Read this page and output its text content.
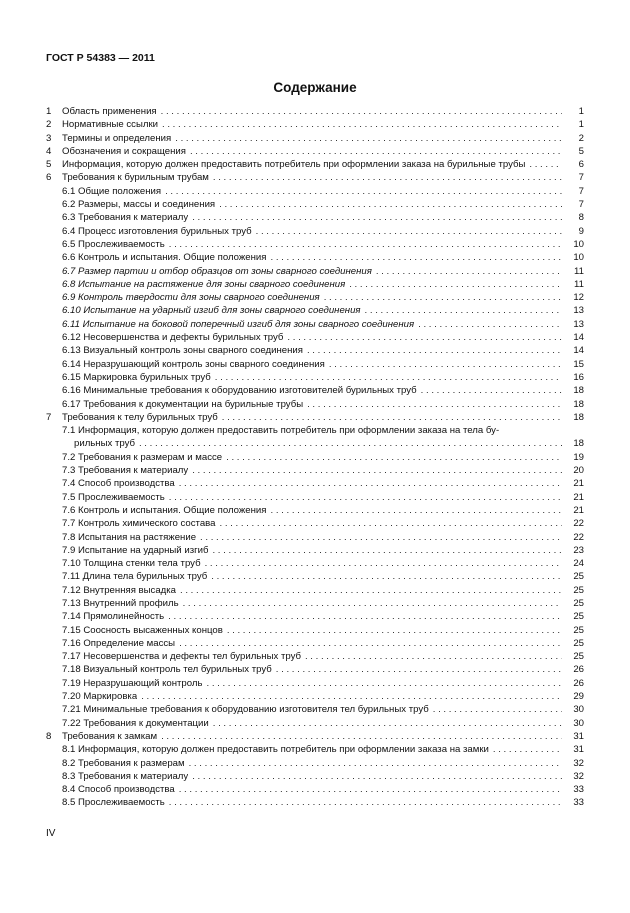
ГОСТ Р 54383 — 2011
Содержание
1 Область применения . . .	1
2 Нормативные ссылки . . .	1
3 Термины и определения . . .	2
4 Обозначения и сокращения . . .	5
5 Информация, которую должен предоставить потребитель при оформлении заказа на бурильные трубы . . .	6
6 Требования к бурильным трубам . . .	7
6.1 Общие положения . . .	7
6.2 Размеры, массы и соединения . . .	7
6.3 Требования к материалу . . .	8
6.4 Процесс изготовления бурильных труб . . .	9
6.5 Прослеживаемость . . .	10
6.6 Контроль и испытания. Общие положения . . .	10
6.7 Размер партии и отбор образцов от зоны сварного соединения . . .	11
6.8 Испытание на растяжение для зоны сварного соединения . . .	11
6.9 Контроль твердости для зоны сварного соединения . . .	12
6.10 Испытание на ударный изгиб для зоны сварного соединения . . .	13
6.11 Испытание на боковой поперечный изгиб для зоны сварного соединения . . .	13
6.12 Несовершенства и дефекты бурильных труб . . .	14
6.13 Визуальный контроль зоны сварного соединения . . .	14
6.14 Неразрушающий контроль зоны сварного соединения . . .	15
6.15 Маркировка бурильных труб . . .	16
6.16 Минимальные требования к оборудованию изготовителей бурильных труб . . .	18
6.17 Требования к документации на бурильные трубы . . .	18
7 Требования к телу бурильных труб . . .	18
7.1 Информация, которую должен предоставить потребитель при оформлении заказа на тела бу-
рильных труб . . .	18
7.2 Требования к размерам и массе . . .	19
7.3 Требования к материалу . . .	20
7.4 Способ производства . . .	21
7.5 Прослеживаемость . . .	21
7.6 Контроль и испытания. Общие положения . . .	21
7.7 Контроль химического состава . . .	22
7.8 Испытания на растяжение . . .	22
7.9 Испытание на ударный изгиб . . .	23
7.10 Толщина стенки тела труб . . .	24
7.11 Длина тела бурильных труб . . .	25
7.12 Внутренняя высадка . . .	25
7.13 Внутренний профиль . . .	25
7.14 Прямолинейность . . .	25
7.15 Соосность высаженных концов . . .	25
7.16 Определение массы . . .	25
7.17 Несовершенства и дефекты тел бурильных труб . . .	25
7.18 Визуальный контроль тел бурильных труб . . .	26
7.19 Неразрушающий контроль . . .	26
7.20 Маркировка . . .	29
7.21 Минимальные требования к оборудованию изготовителя тел бурильных труб . . .	30
7.22 Требования к документации . . .	30
8 Требования к замкам . . .	31
8.1 Информация, которую должен предоставить потребитель при оформлении заказа на замки . . .	31
8.2 Требования к размерам . . .	32
8.3 Требования к материалу . . .	32
8.4 Способ производства . . .	33
8.5 Прослеживаемость . . .	33
IV
